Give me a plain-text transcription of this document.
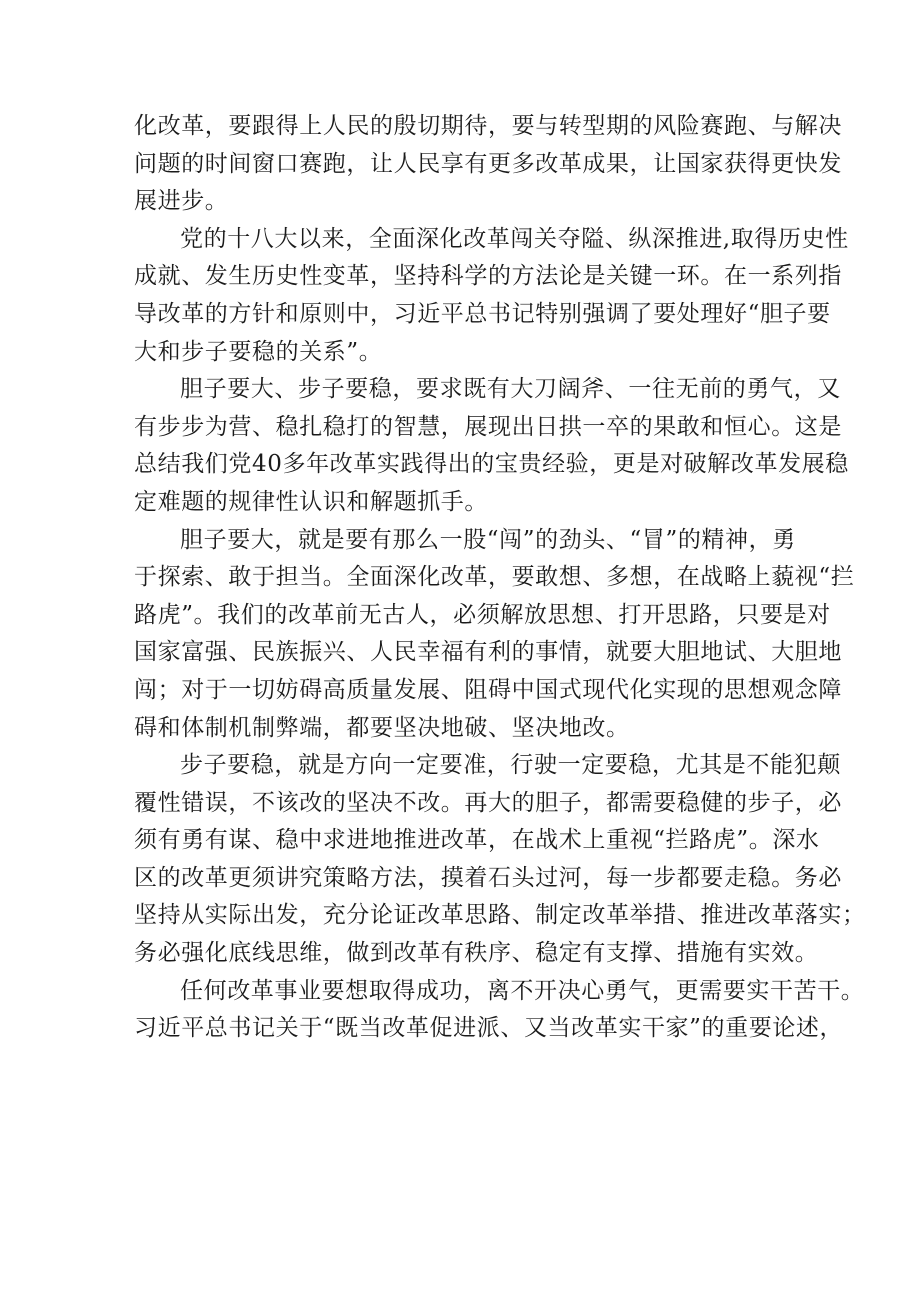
化改革，要跟得上人民的殷切期待，要与转型期的风险赛跑、与解决
问题的时间窗口赛跑，让人民享有更多改革成果，让国家获得更快发
展进步。
党的十八大以来，全面深化改革闯关夺隘、纵深推进,取得历史性
成就、发生历史性变革，坚持科学的方法论是关键一环。在一系列指
导改革的方针和原则中，习近平总书记特别强调了要处理好“胆子要
大和步子要稳的关系”。
胆子要大、步子要稳，要求既有大刀阔斧、一往无前的勇气，又
有步步为营、稳扎稳打的智慧，展现出日拱一卒的果敢和恒心。这是
总结我们党40多年改革实践得出的宝贵经验，更是对破解改革发展稳
定难题的规律性认识和解题抓手。
胆子要大，就是要有那么一股“闯”的劲头、“冒”的精神，勇
于探索、敢于担当。全面深化改革，要敢想、多想，在战略上藐视“拦
路虎”。我们的改革前无古人，必须解放思想、打开思路，只要是对
国家富强、民族振兴、人民幸福有利的事情，就要大胆地试、大胆地
闯；对于一切妨碍高质量发展、阻碍中国式现代化实现的思想观念障
碍和体制机制弊端，都要坚决地破、坚决地改。
步子要稳，就是方向一定要准，行驶一定要稳，尤其是不能犯颠
覆性错误，不该改的坚决不改。再大的胆子，都需要稳健的步子，必
须有勇有谋、稳中求进地推进改革，在战术上重视“拦路虎”。深水
区的改革更须讲究策略方法，摸着石头过河，每一步都要走稳。务必
坚持从实际出发，充分论证改革思路、制定改革举措、推进改革落实；
务必强化底线思维，做到改革有秩序、稳定有支撑、措施有实效。
任何改革事业要想取得成功，离不开决心勇气，更需要实干苦干。
习近平总书记关于“既当改革促进派、又当改革实干家”的重要论述，
